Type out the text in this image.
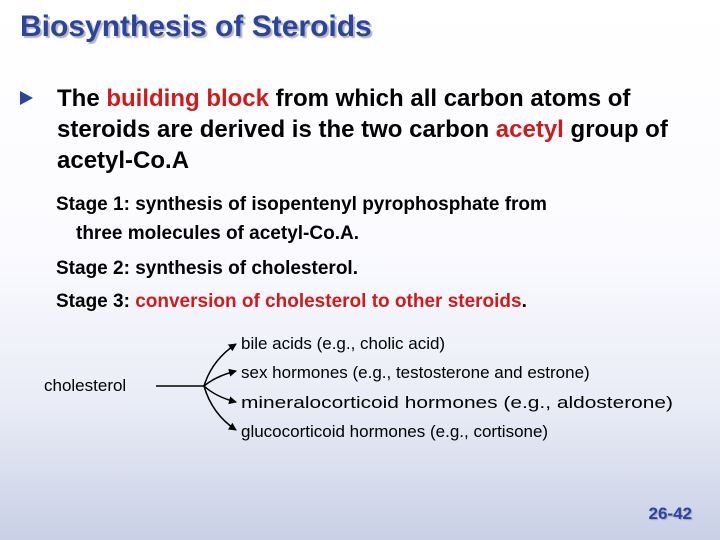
Biosynthesis of Steroids
The building block from which all carbon atoms of steroids are derived is the two carbon acetyl group of acetyl-Co.A
Stage 1: synthesis of isopentenyl pyrophosphate from
three molecules of acetyl-Co.A.
Stage 2: synthesis of cholesterol.
Stage 3: conversion of cholesterol to other steroids.
cholesterol
bile acids (e.g., cholic acid)
sex hormones (e.g., testosterone and estrone)
mineralocorticoid hormones (e.g., aldosterone)
glucocorticoid hormones (e.g., cortisone)
26-42
